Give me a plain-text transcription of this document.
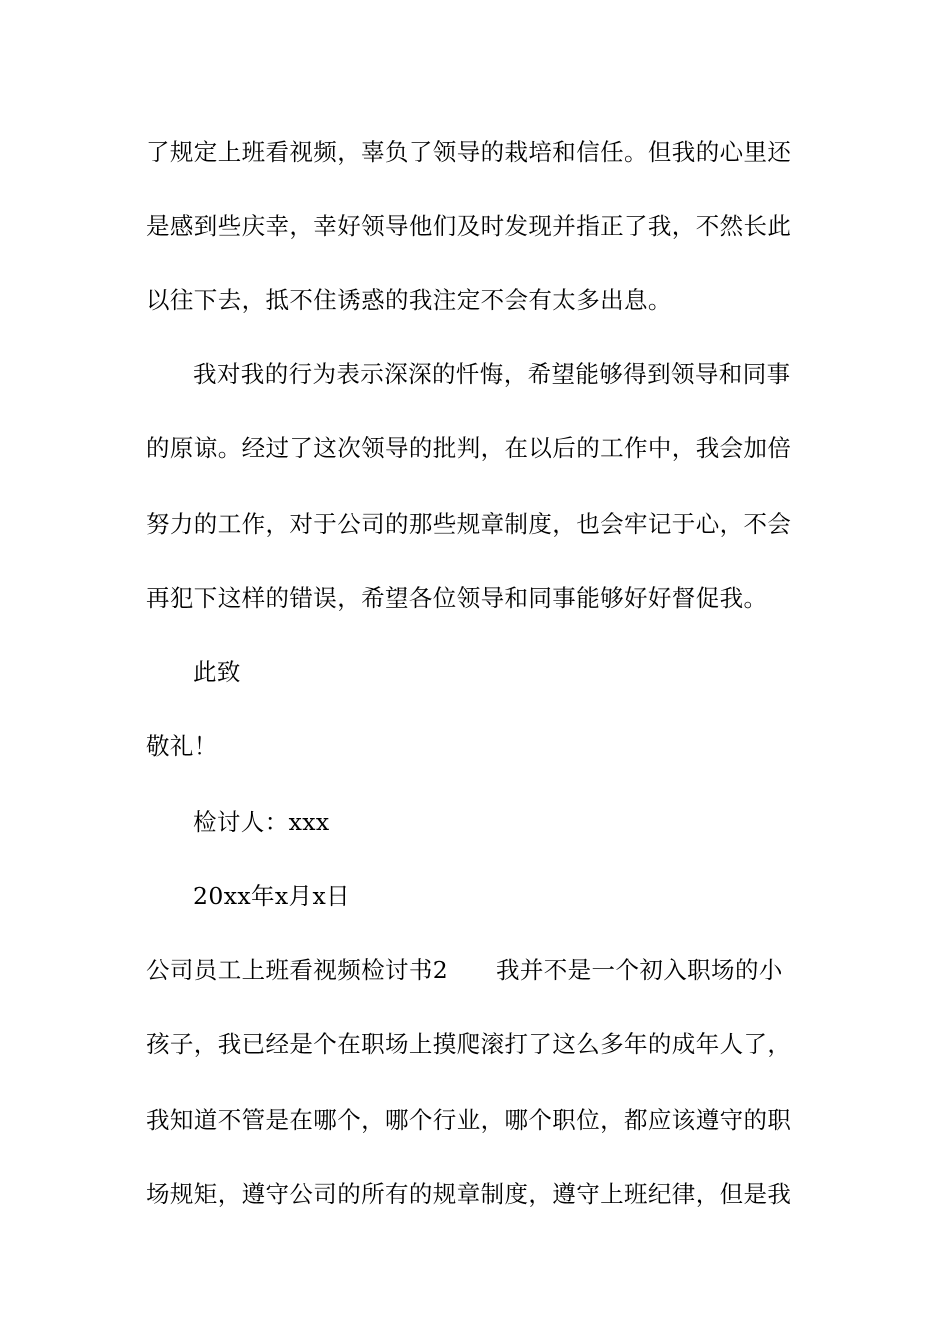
了规定上班看视频，辜负了领导的栽培和信任。但我的心里还
是感到些庆幸，幸好领导他们及时发现并指正了我，不然长此
以往下去，抵不住诱惑的我注定不会有太多出息。
我对我的行为表示深深的忏悔，希望能够得到领导和同事
的原谅。经过了这次领导的批判，在以后的工作中，我会加倍
努力的工作，对于公司的那些规章制度，也会牢记于心，不会
再犯下这样的错误，希望各位领导和同事能够好好督促我。
此致
敬礼！
检讨人：xxx
20xx年x月x日
公司员工上班看视频检讨书2　　我并不是一个初入职场的小
孩子，我已经是个在职场上摸爬滚打了这么多年的成年人了，
我知道不管是在哪个，哪个行业，哪个职位，都应该遵守的职
场规矩，遵守公司的所有的规章制度，遵守上班纪律，但是我
